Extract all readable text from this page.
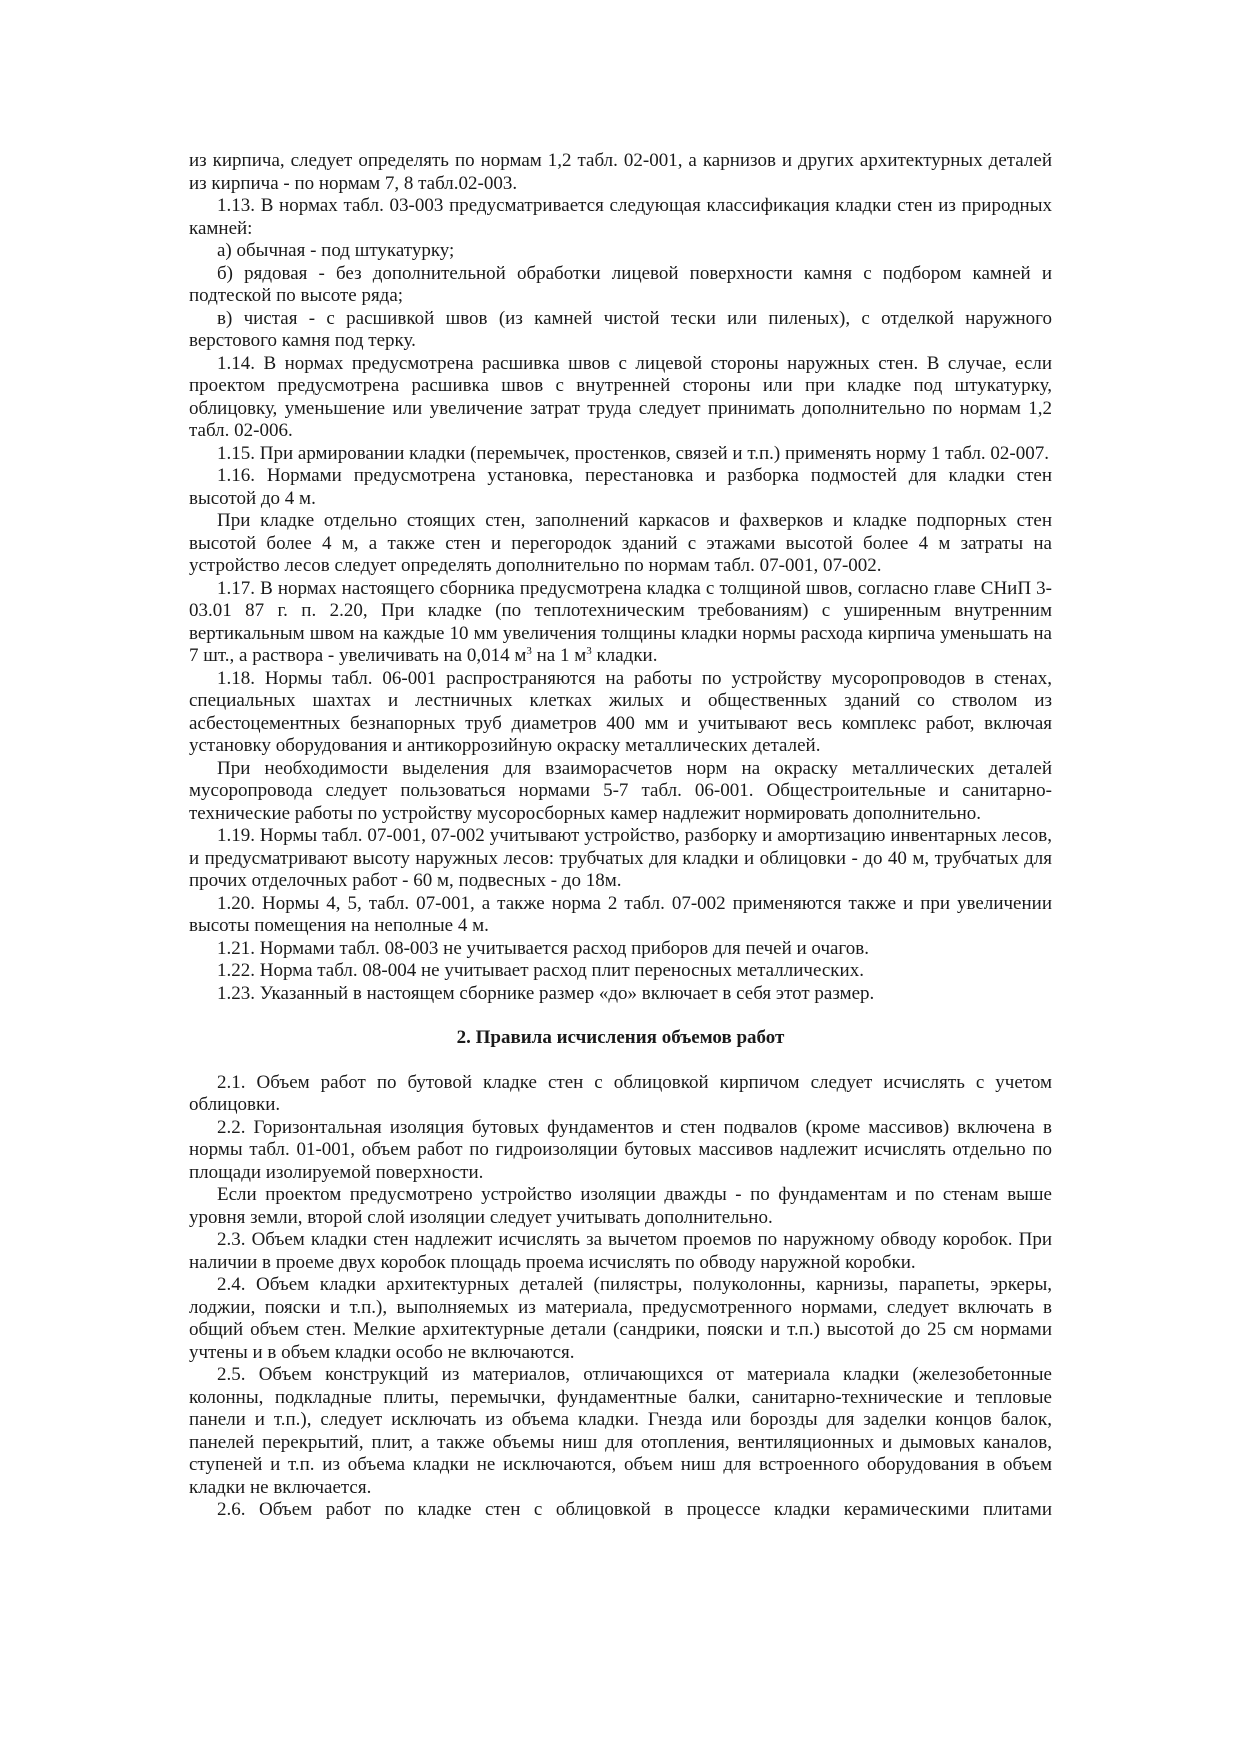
из кирпича, следует определять по нормам 1,2 табл. 02-001, а карнизов и других архитектурных деталей из кирпича - по нормам 7, 8 табл.02-003.

1.13. В нормах табл. 03-003 предусматривается следующая классификация кладки стен из природных камней:

а) обычная - под штукатурку;

б) рядовая - без дополнительной обработки лицевой поверхности камня с подбором камней и подтеской по высоте ряда;

в) чистая - с расшивкой швов (из камней чистой тески или пиленых), с отделкой наружного верстового камня под терку.

1.14. В нормах предусмотрена расшивка швов с лицевой стороны наружных стен. В случае, если проектом предусмотрена расшивка швов с внутренней стороны или при кладке под штукатурку, облицовку, уменьшение или увеличение затрат труда следует принимать дополнительно по нормам 1,2 табл. 02-006.

1.15. При армировании кладки (перемычек, простенков, связей и т.п.) применять норму 1 табл. 02-007.

1.16. Нормами предусмотрена установка, перестановка и разборка подмостей для кладки стен высотой до 4 м.

При кладке отдельно стоящих стен, заполнений каркасов и фахверков и кладке подпорных стен высотой более 4 м, а также стен и перегородок зданий с этажами высотой более 4 м затраты на устройство лесов следует определять дополнительно по нормам табл. 07-001, 07-002.

1.17. В нормах настоящего сборника предусмотрена кладка с толщиной швов, согласно главе СНиП 3-03.01 87 г. п. 2.20, При кладке (по теплотехническим требованиям) с уширенным внутренним вертикальным швом на каждые 10 мм увеличения толщины кладки нормы расхода кирпича уменьшать на 7 шт., а раствора - увеличивать на 0,014 $м^3$ на 1 $м^3$ кладки.

1.18. Нормы табл. 06-001 распространяются на работы по устройству мусоропроводов в стенах, специальных шахтах и лестничных клетках жилых и общественных зданий со стволом из асбестоцементных безнапорных труб диаметров 400 мм и учитывают весь комплекс работ, включая установку оборудования и антикоррозийную окраску металлических деталей.

При необходимости выделения для взаиморасчетов норм на окраску металлических деталей мусоропровода следует пользоваться нормами 5-7 табл. 06-001. Общестроительные и санитарно-технические работы по устройству мусоросборных камер надлежит нормировать дополнительно.

1.19. Нормы табл. 07-001, 07-002 учитывают устройство, разборку и амортизацию инвентарных лесов, и предусматривают высоту наружных лесов: трубчатых для кладки и облицовки - до 40 м, трубчатых для прочих отделочных работ - 60 м, подвесных - до 18м.

1.20. Нормы 4, 5, табл. 07-001, а также норма 2 табл. 07-002 применяются также и при увеличении высоты помещения на неполные 4 м.

1.21. Нормами табл. 08-003 не учитывается расход приборов для печей и очагов.

1.22. Норма табл. 08-004 не учитывает расход плит переносных металлических.

1.23. Указанный в настоящем сборнике размер «до» включает в себя этот размер.

2. Правила исчисления объемов работ

2.1. Объем работ по бутовой кладке стен с облицовкой кирпичом следует исчислять с учетом облицовки.

2.2. Горизонтальная изоляция бутовых фундаментов и стен подвалов (кроме массивов) включена в нормы табл. 01-001, объем работ по гидроизоляции бутовых массивов надлежит исчислять отдельно по площади изолируемой поверхности.

Если проектом предусмотрено устройство изоляции дважды - по фундаментам и по стенам выше уровня земли, второй слой изоляции следует учитывать дополнительно.

2.3. Объем кладки стен надлежит исчислять за вычетом проемов по наружному обводу коробок. При наличии в проеме двух коробок площадь проема исчислять по обводу наружной коробки.

2.4. Объем кладки архитектурных деталей (пилястры, полуколонны, карнизы, парапеты, эркеры, лоджии, пояски и т.п.), выполняемых из материала, предусмотренного нормами, следует включать в общий объем стен. Мелкие архитектурные детали (сандрики, пояски и т.п.) высотой до 25 см нормами учтены и в объем кладки особо не включаются.

2.5. Объем конструкций из материалов, отличающихся от материала кладки (железобетонные колонны, подкладные плиты, перемычки, фундаментные балки, санитарно-технические и тепловые панели и т.п.), следует исключать из объема кладки. Гнезда или борозды для заделки концов балок, панелей перекрытий, плит, а также объемы ниш для отопления, вентиляционных и дымовых каналов, ступеней и т.п. из объема кладки не исключаются, объем ниш для встроенного оборудования в объем кладки не включается.

2.6. Объем работ по кладке стен с облицовкой в процессе кладки керамическими плитами
